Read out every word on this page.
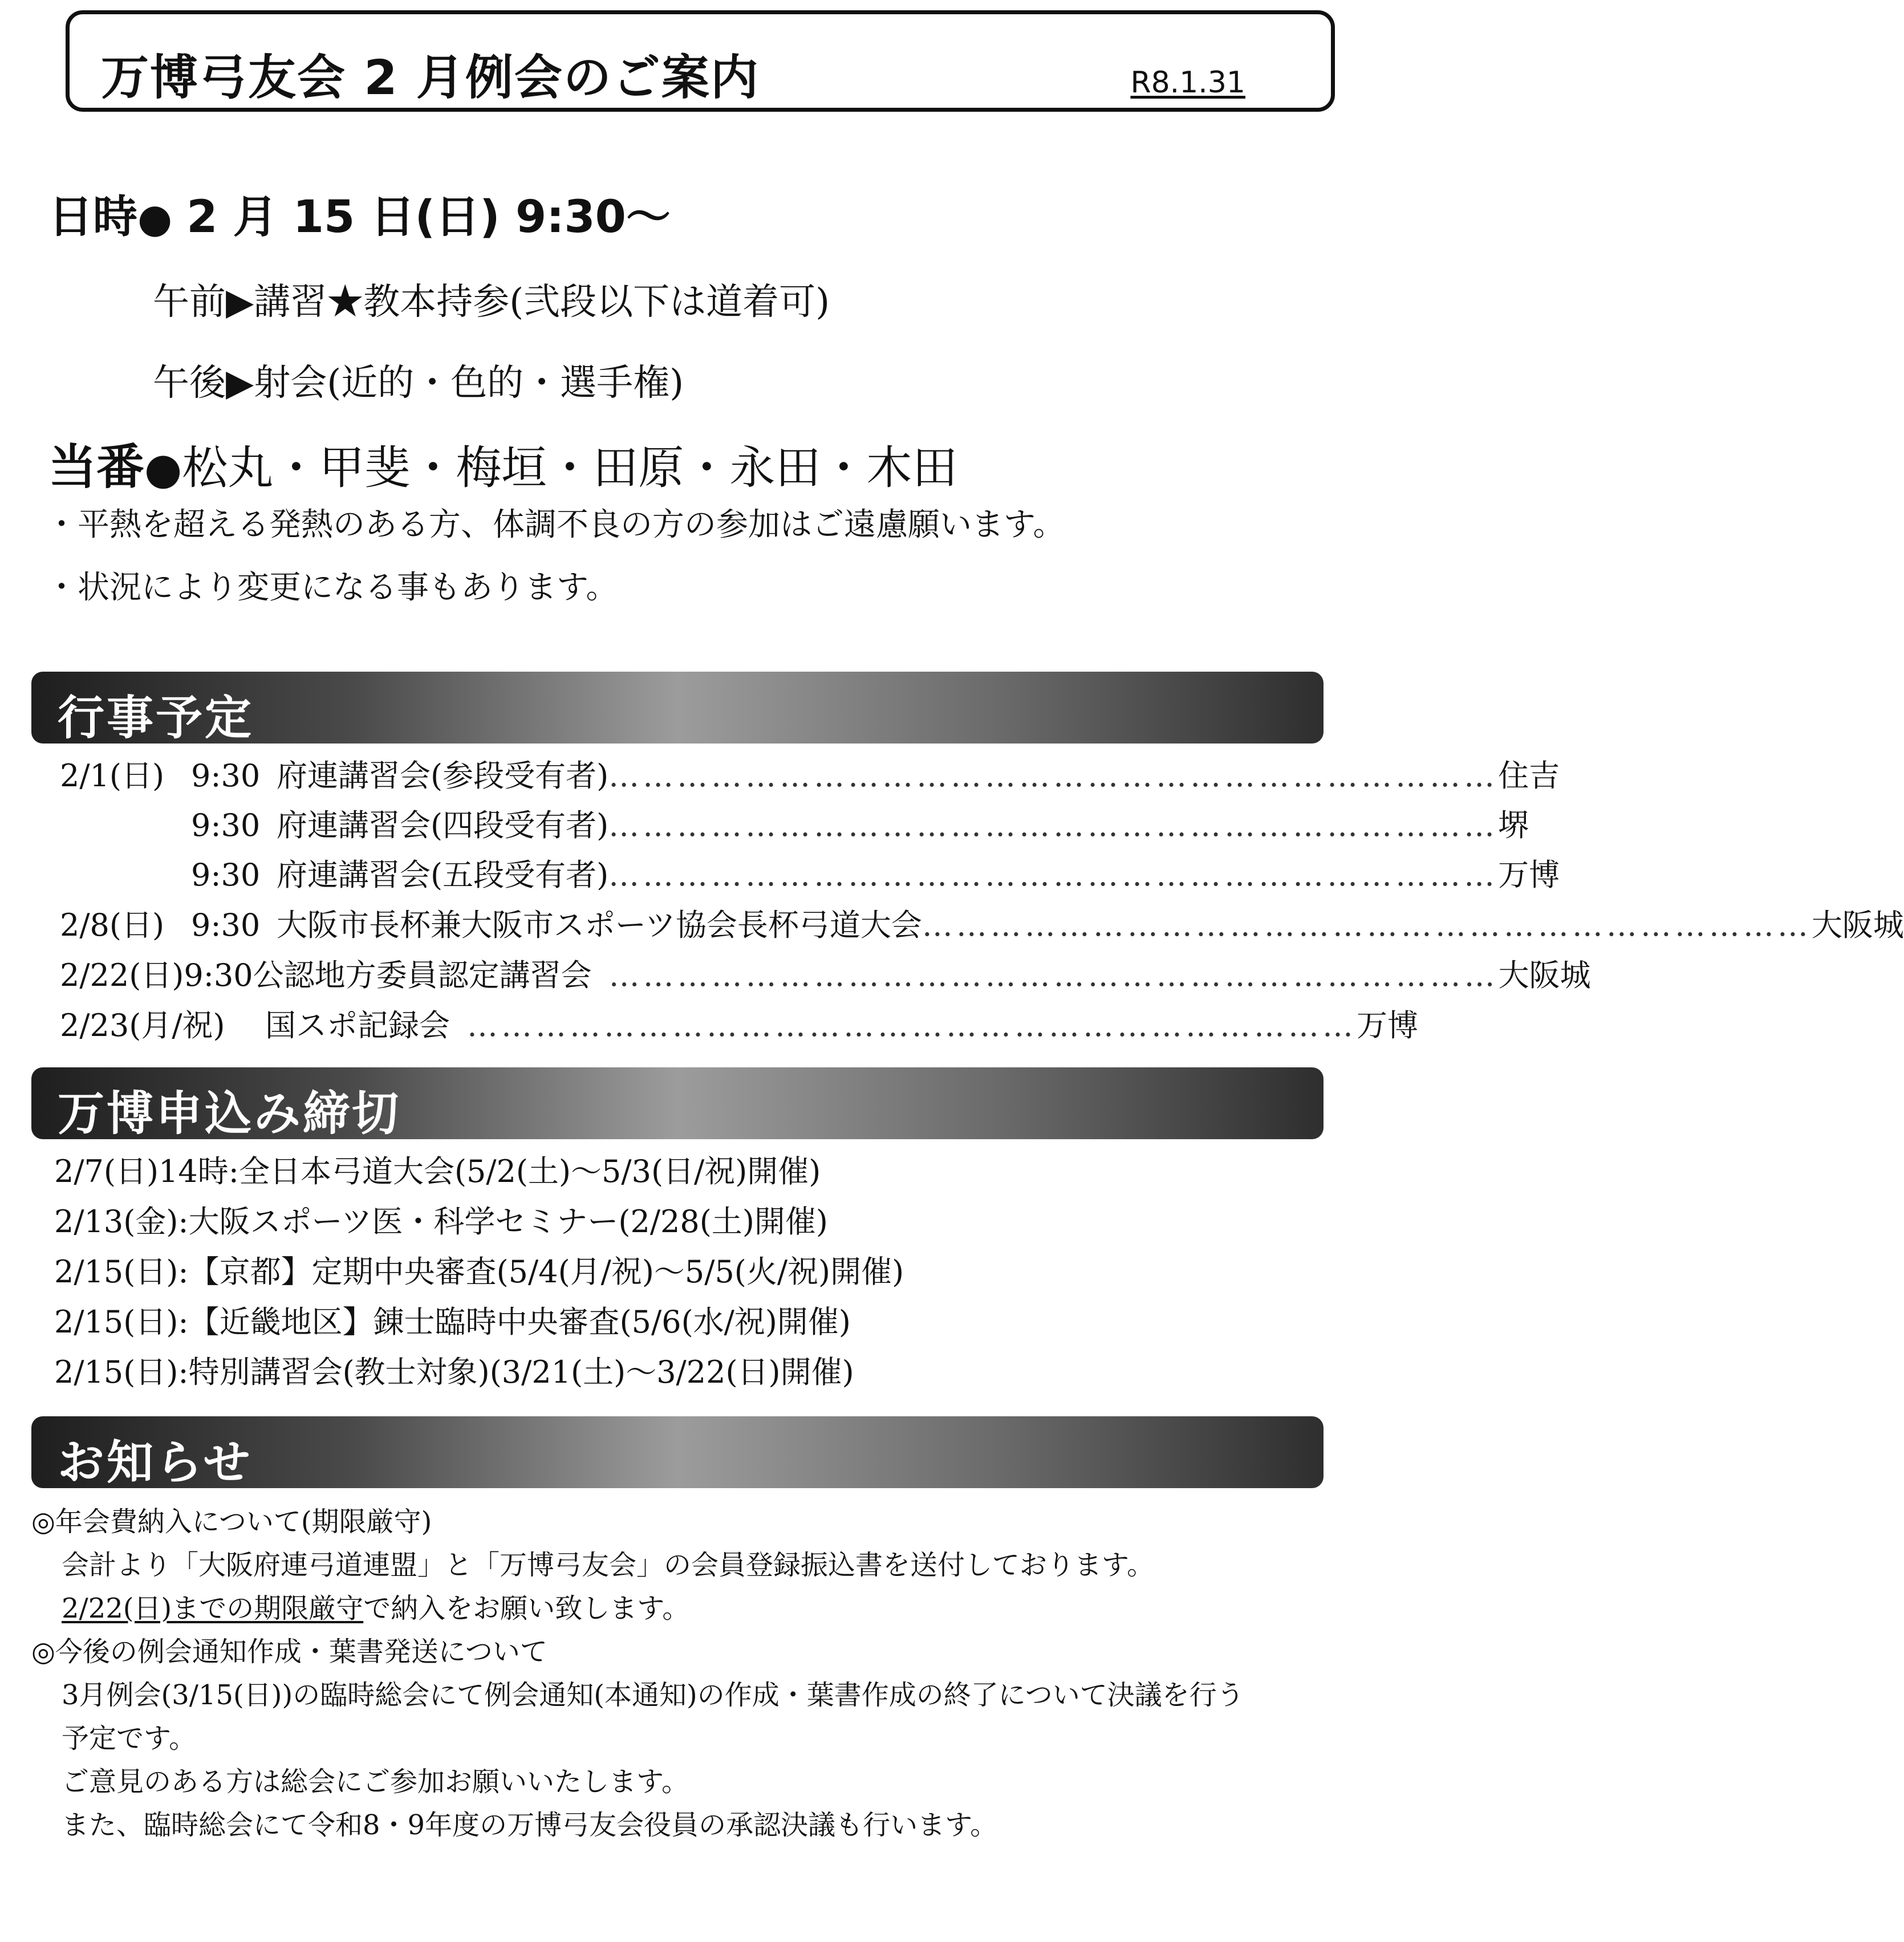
万博弓友会 2 月例会のご案内	R8.1.31
日時● 2 月 15 日(日) 9:30〜
午前▶講習★教本持参(弐段以下は道着可)
午後▶射会(近的・色的・選手権)
当番●松丸・甲斐・梅垣・田原・永田・木田
・平熱を超える発熱のある方、体調不良の方の参加はご遠慮願います。
・状況により変更になる事もあります。
行事予定
2/1(日) 9:30 府連講習会(参段受有者) …………………………………………………………………… 住吉
9:30 府連講習会(四段受有者) …………………………………………………………………… 堺
9:30 府連講習会(五段受有者) …………………………………………………………………… 万博
2/8(日) 9:30 大阪市長杯兼大阪市スポーツ協会長杯弓道大会 …………………………………………………………………… 大阪城
2/22(日)9:30公認地方委員認定講習会 …………………………………………………………………… 大阪城
2/23(月/祝)	国スポ記録会 …………………………………………………………………… 万博
万博申込み締切
2/7(日)14時:全日本弓道大会(5/2(土)〜5/3(日/祝)開催)
2/13(金):大阪スポーツ医・科学セミナー(2/28(土)開催)
2/15(日):【京都】定期中央審査(5/4(月/祝)〜5/5(火/祝)開催)
2/15(日):【近畿地区】錬士臨時中央審査(5/6(水/祝)開催)
2/15(日):特別講習会(教士対象)(3/21(土)〜3/22(日)開催)
お知らせ
◎年会費納入について(期限厳守)
会計より「大阪府連弓道連盟」と「万博弓友会」の会員登録振込書を送付しております。
2/22(日)までの期限厳守で納入をお願い致します。
◎今後の例会通知作成・葉書発送について
3月例会(3/15(日))の臨時総会にて例会通知(本通知)の作成・葉書作成の終了について決議を行う
予定です。
ご意見のある方は総会にご参加お願いいたします。
また、臨時総会にて令和8・9年度の万博弓友会役員の承認決議も行います。
